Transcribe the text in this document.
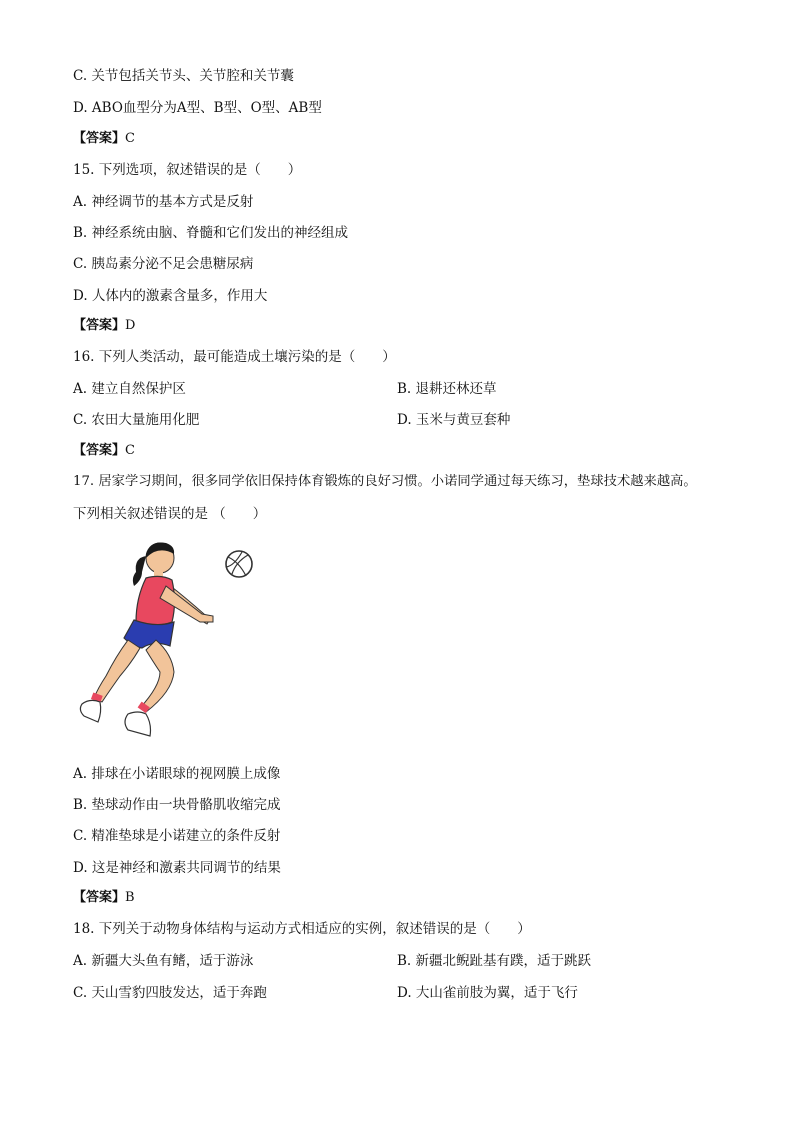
C. 关节包括关节头、关节腔和关节囊
D. ABO血型分为A型、B型、O型、AB型
【答案】C
15. 下列选项，叙述错误的是（　　）
A. 神经调节的基本方式是反射
B. 神经系统由脑、脊髓和它们发出的神经组成
C. 胰岛素分泌不足会患糖尿病
D. 人体内的激素含量多，作用大
【答案】D
16. 下列人类活动，最可能造成土壤污染的是（　　）
A. 建立自然保护区	B. 退耕还林还草
C. 农田大量施用化肥	D. 玉米与黄豆套种
【答案】C
17. 居家学习期间，很多同学依旧保持体育锻炼的良好习惯。小诺同学通过每天练习，垫球技术越来越高。
下列相关叙述错误的是 （　　）
A. 排球在小诺眼球的视网膜上成像
B. 垫球动作由一块骨骼肌收缩完成
C. 精准垫球是小诺建立的条件反射
D. 这是神经和激素共同调节的结果
【答案】B
18. 下列关于动物身体结构与运动方式相适应的实例，叙述错误的是（　　）
A. 新疆大头鱼有鳍，适于游泳	B. 新疆北鲵趾基有蹼，适于跳跃
C. 天山雪豹四肢发达，适于奔跑	D. 大山雀前肢为翼，适于飞行
